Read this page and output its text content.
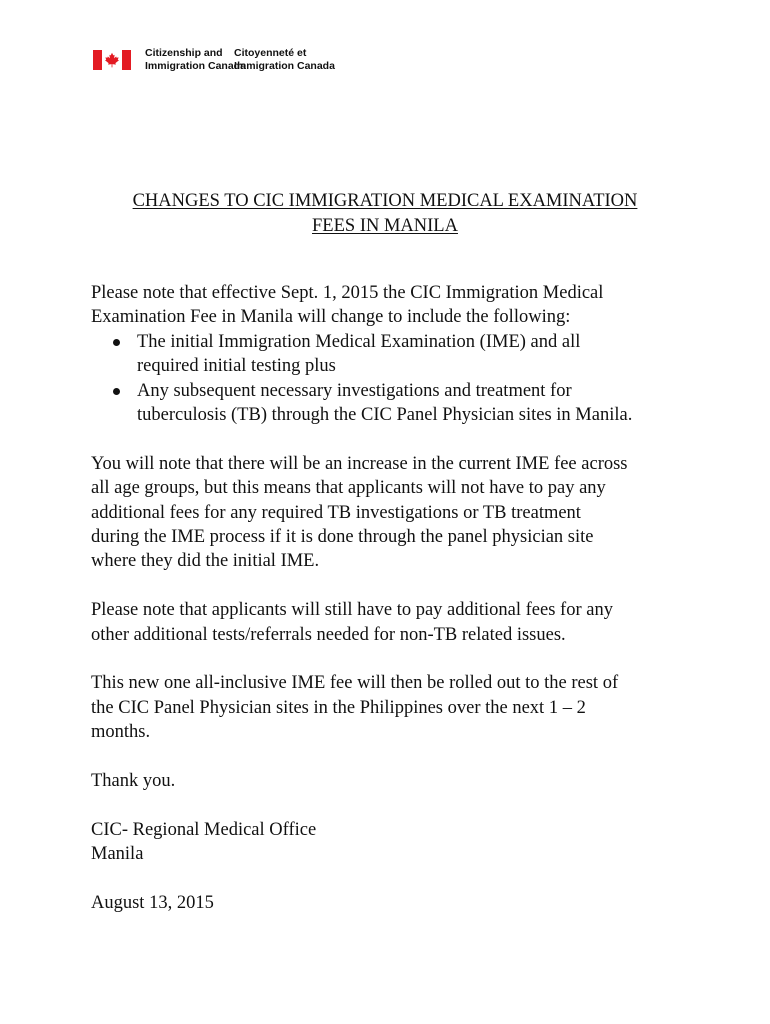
Citizenship and
Immigration Canada
Citoyenneté et
Immigration Canada
CHANGES TO CIC IMMIGRATION MEDICAL EXAMINATION
FEES IN MANILA

Please note that effective Sept. 1, 2015 the CIC Immigration Medical
Examination Fee in Manila will change to include the following:

The initial Immigration Medical Examination (IME) and all
required initial testing plus
Any subsequent necessary investigations and treatment for
tuberculosis (TB) through the CIC Panel Physician sites in Manila.

You will note that there will be an increase in the current IME fee across
all age groups, but this means that applicants will not have to pay any
additional fees for any required TB investigations or TB treatment
during the IME process if it is done through the panel physician site
where they did the initial IME.

Please note that applicants will still have to pay additional fees for any
other additional tests/referrals needed for non-TB related issues.

This new one all-inclusive IME fee will then be rolled out to the rest of
the CIC Panel Physician sites in the Philippines over the next 1 – 2
months.

Thank you.

CIC- Regional Medical Office
Manila

August 13, 2015
